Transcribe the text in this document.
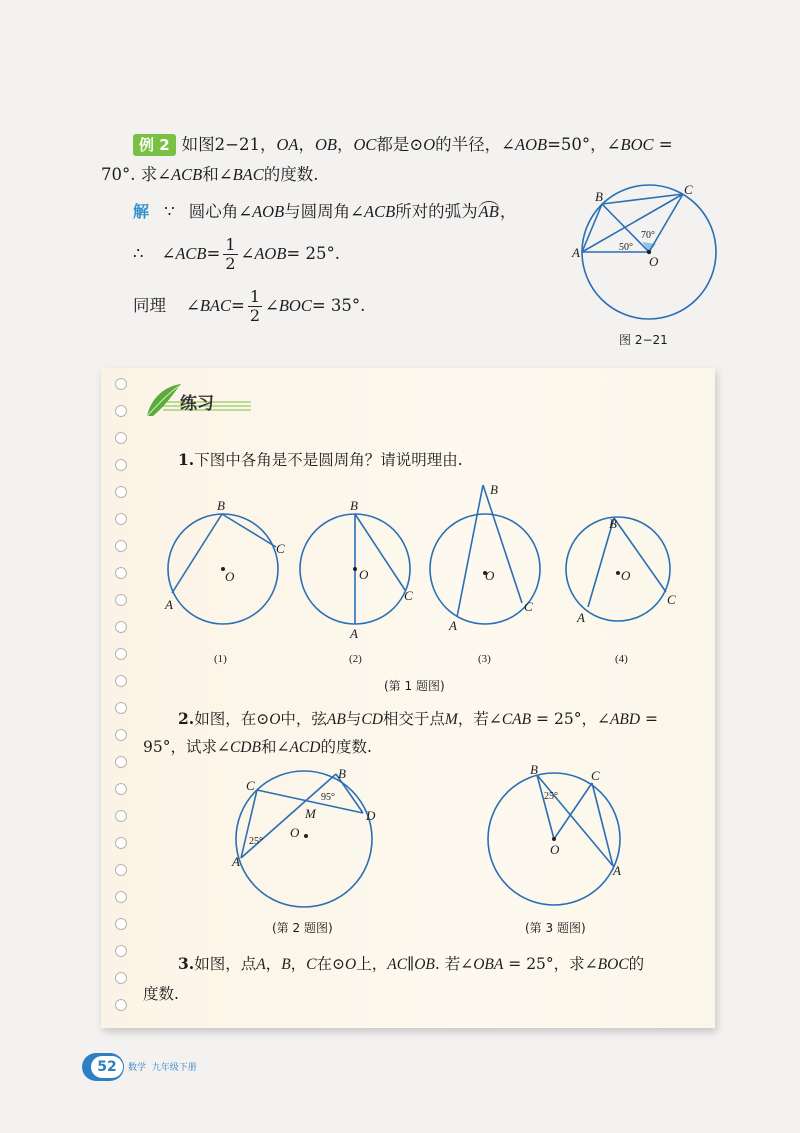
例 2 如图2−21，OA，OB，OC都是⊙O的半径，∠AOB=50°，∠BOC =
70°. 求∠ACB和∠BAC的度数.
解 ∵ 圆心角∠AOB与圆周角∠ACB所对的弧为AB，
∴ ∠ ACB = $\frac{1}{2}$ ∠ AOB = 25°.
同理 ∠ BAC = $\frac{1}{2}$ ∠ BOC = 35°.
A
B	C
O
50°
70°
图 2−21
练习
1.下图中各角是不是圆周角？请说明理由.
B
C
A
O
B
C
A
O
B
C
A
O
B
C
A
O
(1)	(2)	(3)	(4)
(第 1 题图)
2.如图，在⊙O中，弦AB与CD相交于点M，若∠CAB = 25°，∠ABD =
95°，试求∠CDB和∠ACD的度数.
C
B
D
A
M
O
95°
25°
(第 2 题图)
B	C
A
O
25°
(第 3 题图)
3.如图，点A，B，C在⊙O上，AC∥OB. 若∠OBA = 25°，求∠BOC的
度数.
52	数学  九年级下册
